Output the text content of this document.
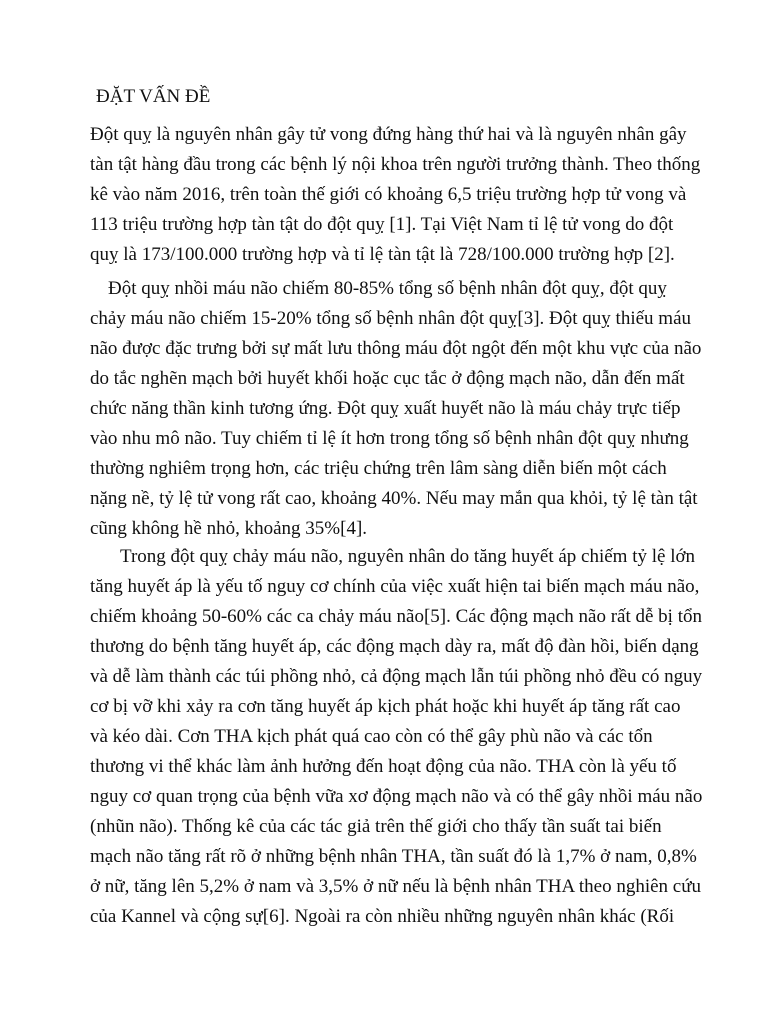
ĐẶT VẤN ĐỀ
Đột quỵ là nguyên nhân gây tử vong đứng hàng thứ hai và là nguyên nhân gây
tàn tật hàng đầu trong các bệnh lý nội khoa trên người trưởng thành. Theo thống
kê vào năm 2016, trên toàn thế giới có khoảng 6,5 triệu trường hợp tử vong và
113 triệu trường hợp tàn tật do đột quỵ [1]. Tại Việt Nam tỉ lệ tử vong do đột
quỵ là 173/100.000 trường hợp và tỉ lệ tàn tật là 728/100.000 trường hợp [2].
Đột quỵ nhồi máu não chiếm 80-85% tổng số bệnh nhân đột quỵ, đột quỵ
chảy máu não chiếm 15-20% tổng số bệnh nhân đột quỵ[3]. Đột quỵ thiếu máu
não được đặc trưng bởi sự mất lưu thông máu đột ngột đến một khu vực của não
do tắc nghẽn mạch bởi huyết khối hoặc cục tắc ở động mạch não, dẫn đến mất
chức năng thần kinh tương ứng. Đột quỵ xuất huyết não là máu chảy trực tiếp
vào nhu mô não. Tuy chiếm tỉ lệ ít hơn trong tổng số bệnh nhân đột quỵ nhưng
thường nghiêm trọng hơn, các triệu chứng trên lâm sàng diễn biến một cách
nặng nề, tỷ lệ tử vong rất cao, khoảng 40%. Nếu may mắn qua khỏi, tỷ lệ tàn tật
cũng không hề nhỏ, khoảng 35%[4].
Trong đột quỵ chảy máu não, nguyên nhân do tăng huyết áp chiếm tỷ lệ lớn
tăng huyết áp là yếu tố nguy cơ chính của việc xuất hiện tai biến mạch máu não,
chiếm khoảng 50-60% các ca chảy máu não[5]. Các động mạch não rất dễ bị tổn
thương do bệnh tăng huyết áp, các động mạch dày ra, mất độ đàn hồi, biến dạng
và dễ làm thành các túi phồng nhỏ, cả động mạch lẫn túi phồng nhỏ đều có nguy
cơ bị vỡ khi xảy ra cơn tăng huyết áp kịch phát hoặc khi huyết áp tăng rất cao
và kéo dài. Cơn THA kịch phát quá cao còn có thể gây phù não và các tổn
thương vi thể khác làm ảnh hưởng đến hoạt động của não. THA còn là yếu tố
nguy cơ quan trọng của bệnh vữa xơ động mạch não và có thể gây nhồi máu não
(nhũn não). Thống kê của các tác giả trên thế giới cho thấy tần suất tai biến
mạch não tăng rất rõ ở những bệnh nhân THA, tần suất đó là 1,7% ở nam, 0,8%
ở nữ, tăng lên 5,2% ở nam và 3,5% ở nữ nếu là bệnh nhân THA theo nghiên cứu
của Kannel và cộng sự[6]. Ngoài ra còn nhiều những nguyên nhân khác (Rối
